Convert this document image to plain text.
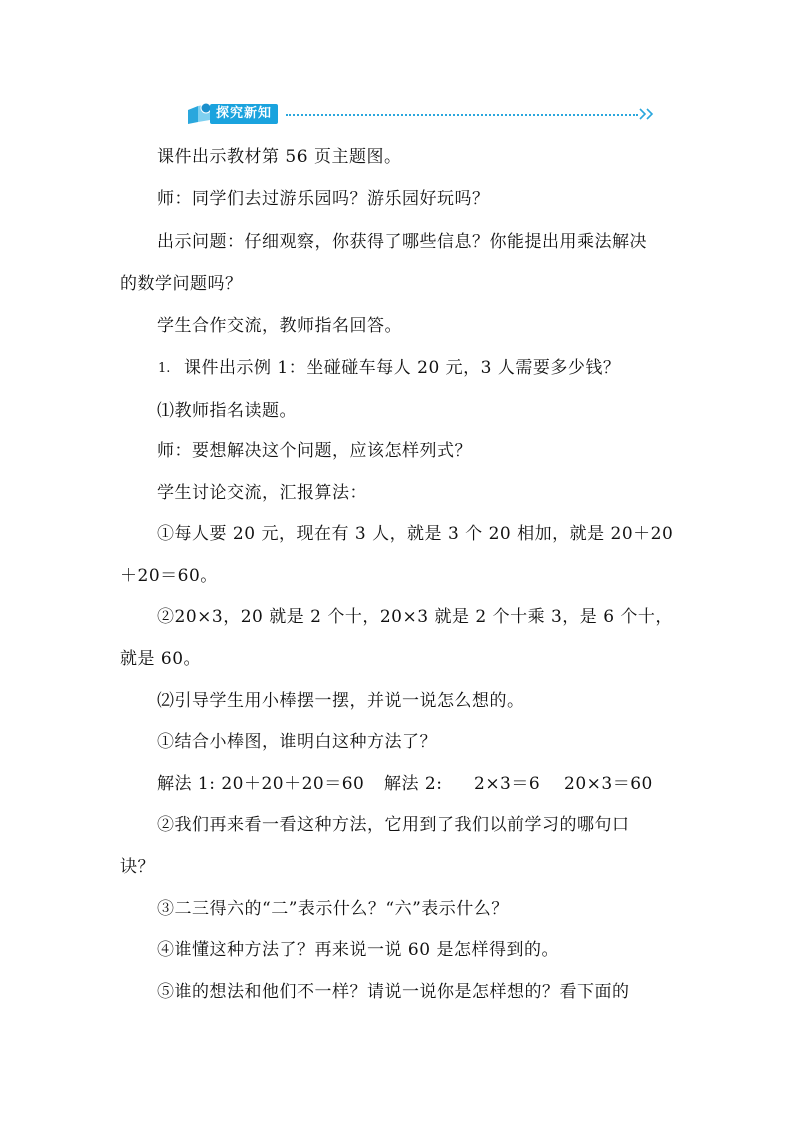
探究新知
课件出示教材第 56 页主题图。
师：同学们去过游乐园吗？游乐园好玩吗？
出示问题：仔细观察，你获得了哪些信息？你能提出用乘法解决
的数学问题吗？
学生合作交流，教师指名回答。
1. 课件出示例 1：坐碰碰车每人 20 元，3 人需要多少钱？
⑴教师指名读题。
师：要想解决这个问题，应该怎样列式？
学生讨论交流，汇报算法：
①每人要 20 元，现在有 3 人，就是 3 个 20 相加，就是 20＋20
＋20＝60。
②20×3，20 就是 2 个十，20×3 就是 2 个十乘 3，是 6 个十，
就是 60。
⑵引导学生用小棒摆一摆，并说一说怎么想的。
①结合小棒图，谁明白这种方法了？
解法 1: 20＋20＋20＝60 解法 2: 2×3＝6 20×3＝60
②我们再来看一看这种方法，它用到了我们以前学习的哪句口
诀？
③二三得六的“二”表示什么？“六”表示什么？
④谁懂这种方法了？再来说一说 60 是怎样得到的。
⑤谁的想法和他们不一样？请说一说你是怎样想的？看下面的
